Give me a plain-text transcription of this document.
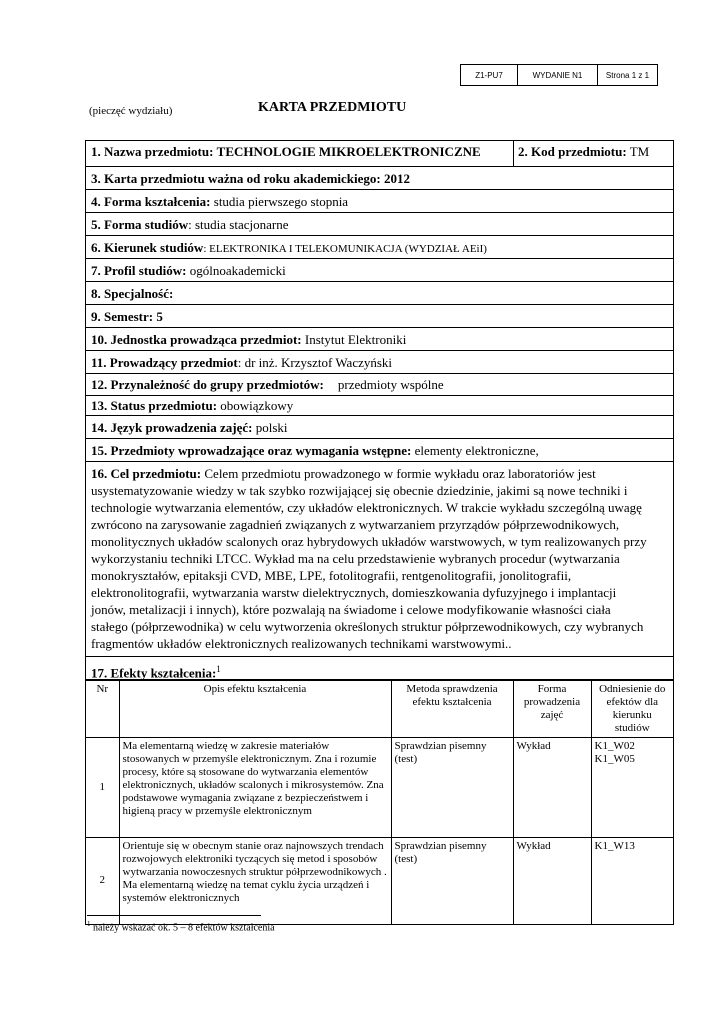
Z1-PU7	WYDANIE N1	Strona 1 z 1
(pieczęć wydziału)	KARTA PRZEDMIOTU
1. Nazwa przedmiotu: TECHNOLOGIE MIKROELEKTRONICZNE	2. Kod przedmiotu: TM
3. Karta przedmiotu ważna od roku akademickiego: 2012
4. Forma kształcenia: studia pierwszego stopnia
5. Forma studiów: studia stacjonarne
6. Kierunek studiów: ELEKTRONIKA I TELEKOMUNIKACJA (WYDZIAŁ AEiI)
7. Profil studiów: ogólnoakademicki
8. Specjalność:
9. Semestr: 5
10. Jednostka prowadząca przedmiot: Instytut Elektroniki
11. Prowadzący przedmiot: dr inż. Krzysztof Waczyński
12. Przynależność do grupy przedmiotów: przedmioty wspólne
13. Status przedmiotu: obowiązkowy
14. Język prowadzenia zajęć: polski
15. Przedmioty wprowadzające oraz wymagania wstępne: elementy elektroniczne,
16. Cel przedmiotu: Celem przedmiotu prowadzonego w formie wykładu oraz laboratoriów jest
usystematyzowanie wiedzy w tak szybko rozwijającej się obecnie dziedzinie, jakimi są nowe techniki i
technologie wytwarzania elementów, czy układów elektronicznych. W trakcie wykładu szczególną uwagę
zwrócono na zarysowanie zagadnień związanych z wytwarzaniem przyrządów półprzewodnikowych,
monolitycznych układów scalonych oraz hybrydowych układów warstwowych, w tym realizowanych przy
wykorzystaniu techniki LTCC. Wykład ma na celu przedstawienie wybranych procedur (wytwarzania
monokryształów, epitaksji CVD, MBE, LPE, fotolitografii, rentgenolitografii, jonolitografii,
elektronolitografii, wytwarzania warstw dielektrycznych, domieszkowania dyfuzyjnego i implantacji
jonów, metalizacji i innych), które pozwalają na świadome i celowe modyfikowanie własności ciała
stałego (półprzewodnika) w celu wytworzenia określonych struktur półprzewodnikowych, czy wybranych
fragmentów układów elektronicznych realizowanych technikami warstwowymi..
17. Efekty kształcenia:$^1$
Nr	Opis efektu kształcenia	Metoda sprawdzenia efektu kształcenia	Forma prowadzenia zajęć	Odniesienie do efektów dla kierunku studiów
1	Ma elementarną wiedzę w zakresie materiałów stosowanych w przemyśle elektronicznym. Zna i rozumie procesy, które są stosowane do wytwarzania elementów elektronicznych, układów scalonych i mikrosystemów. Zna podstawowe wymagania związane z bezpieczeństwem i higieną pracy w przemyśle elektronicznym	Sprawdzian pisemny (test)	Wykład	K1_W02
K1_W05

2	Orientuje się w obecnym stanie oraz najnowszych trendach rozwojowych elektroniki tyczących się metod i sposobów wytwarzania nowoczesnych struktur półprzewodnikowych . Ma elementarną wiedzę na temat cyklu życia urządzeń i systemów elektronicznych	Sprawdzian pisemny (test)	Wykład	K1_W13
$^1$ należy wskazać ok. 5 – 8 efektów kształcenia
